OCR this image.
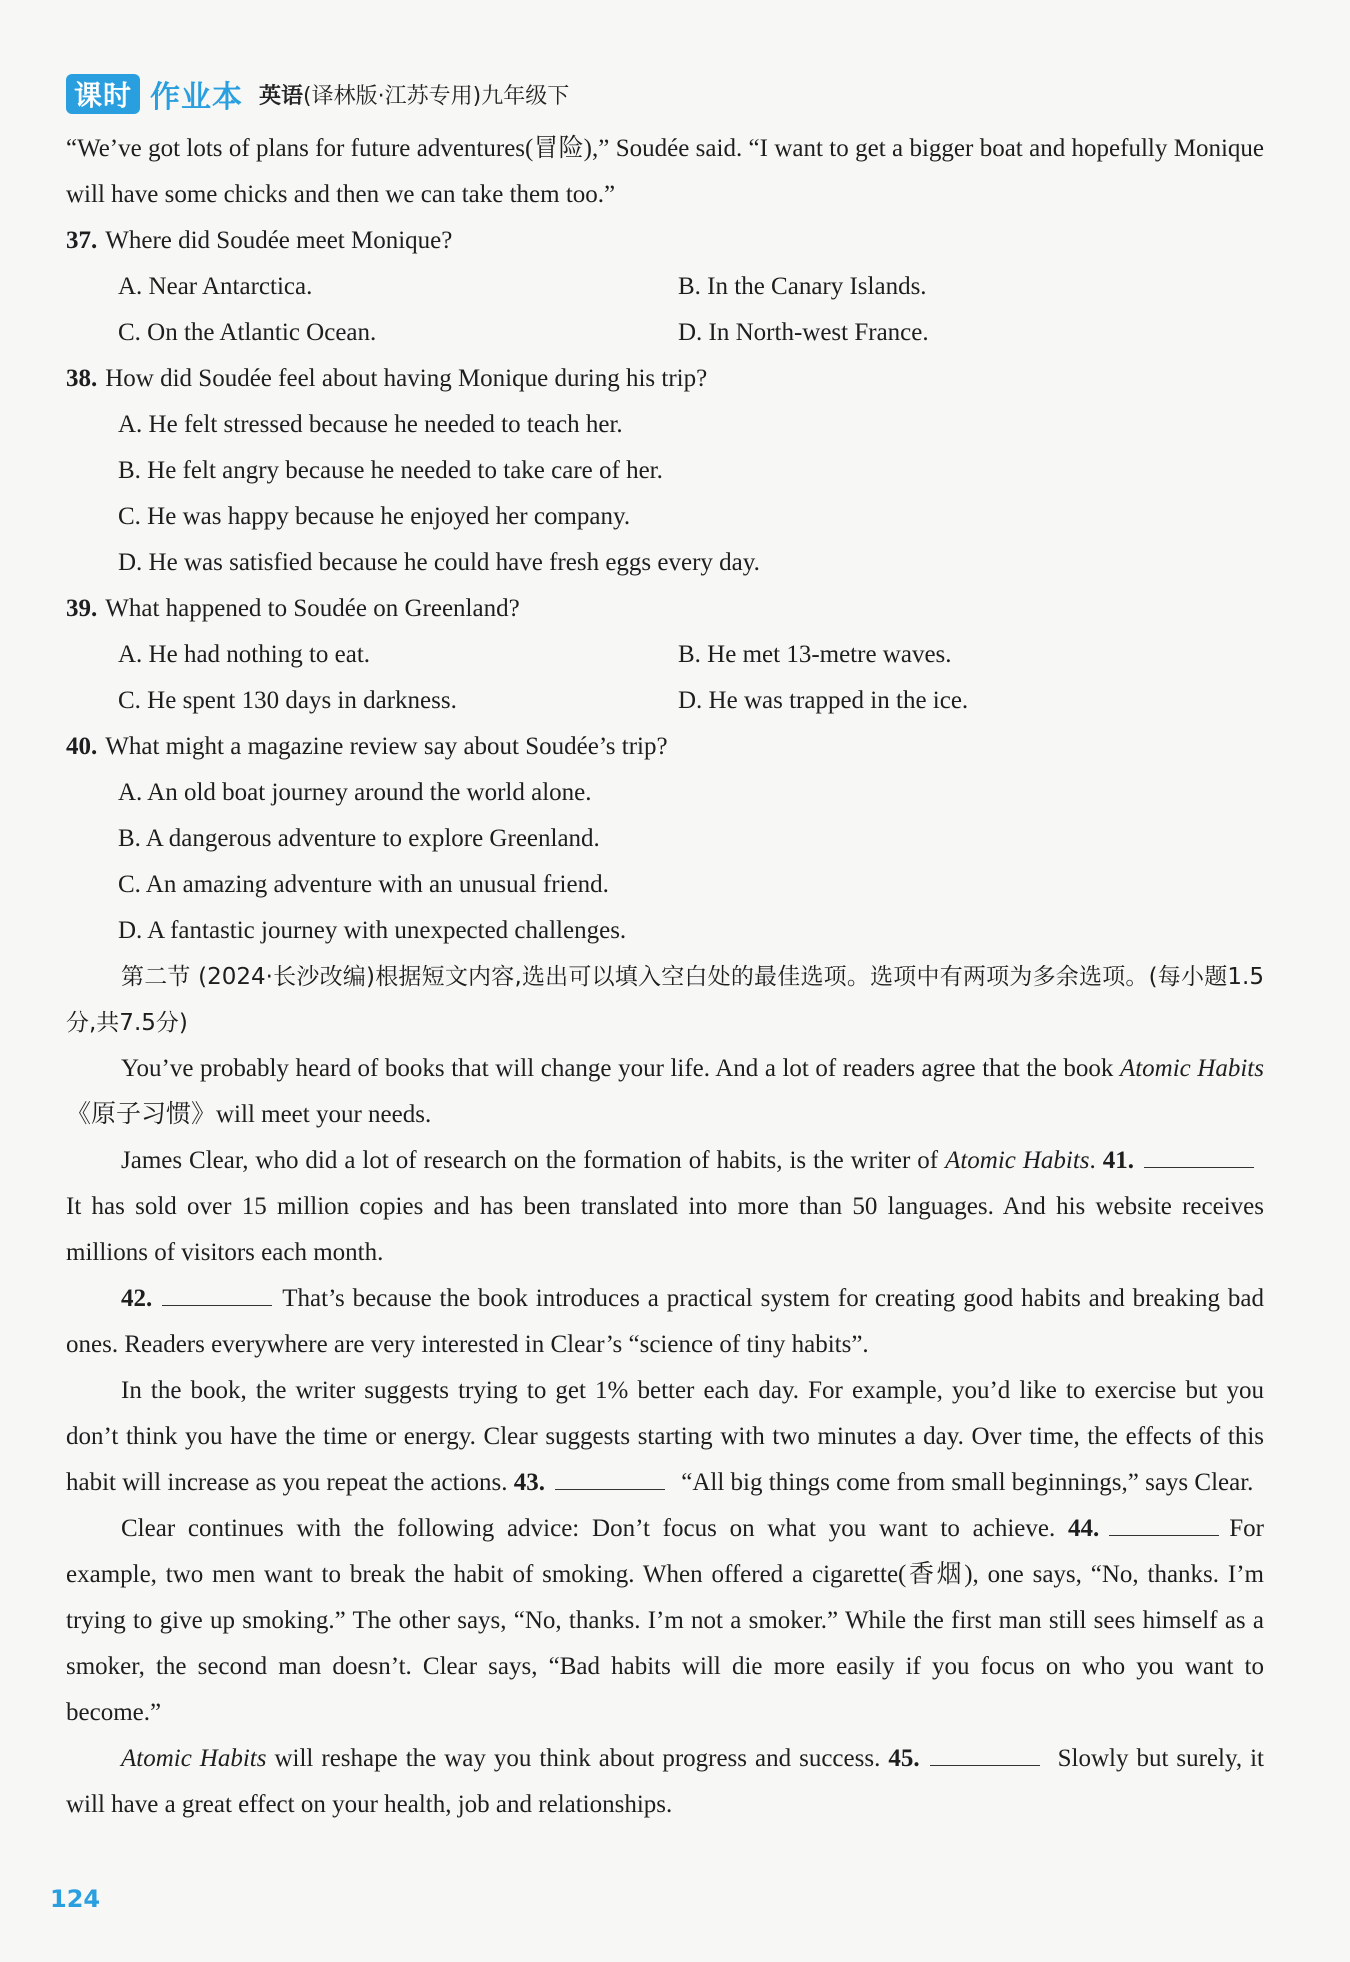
课时 作业本 英语(译林版·江苏专用)九年级下

“We’ve got lots of plans for future adventures(冒险),” Soudée said. “I want to get a bigger boat and hopefully Monique will have some chicks and then we can take them too.”

37. Where did Soudée meet Monique?

A. Near Antarctica.	B. In the Canary Islands.
C. On the Atlantic Ocean.	D. In North-west France.

38. How did Soudée feel about having Monique during his trip?

A. He felt stressed because he needed to teach her.

B. He felt angry because he needed to take care of her.

C. He was happy because he enjoyed her company.

D. He was satisfied because he could have fresh eggs every day.

39. What happened to Soudée on Greenland?

A. He had nothing to eat.	B. He met 13-metre waves.
C. He spent 130 days in darkness.	D. He was trapped in the ice.

40. What might a magazine review say about Soudée’s trip?

A. An old boat journey around the world alone.

B. A dangerous adventure to explore Greenland.

C. An amazing adventure with an unusual friend.

D. A fantastic journey with unexpected challenges.

第二节 (2024·长沙改编)根据短文内容,选出可以填入空白处的最佳选项。选项中有两项为多余选项。(每小题1.5分,共7.5分)

You’ve probably heard of books that will change your life. And a lot of readers agree that the book Atomic Habits《原子习惯》will meet your needs.

James Clear, who did a lot of research on the formation of habits, is the writer of Atomic Habits. 41.It has sold over 15 million copies and has been translated into more than 50 languages. And his website receives millions of visitors each month.

42.	That’s because the book introduces a practical system for creating good habits and breaking bad ones. Readers everywhere are very interested in Clear’s “science of tiny habits”.

In the book, the writer suggests trying to get 1% better each day. For example, you’d like to exercise but you don’t think you have the time or energy. Clear suggests starting with two minutes a day. Over time, the effects of this habit will increase as you repeat the actions. 43.	“All big things come from small beginnings,” says Clear.

Clear continues with the following advice: Don’t focus on what you want to achieve. 44.	For example, two men want to break the habit of smoking. When offered a cigarette(香烟), one says, “No, thanks. I’m trying to give up smoking.” The other says, “No, thanks. I’m not a smoker.” While the first man still sees himself as a smoker, the second man doesn’t. Clear says, “Bad habits will die more easily if you focus on who you want to become.”

Atomic Habits will reshape the way you think about progress and success. 45.	Slowly but surely, it will have a great effect on your health, job and relationships.

124
